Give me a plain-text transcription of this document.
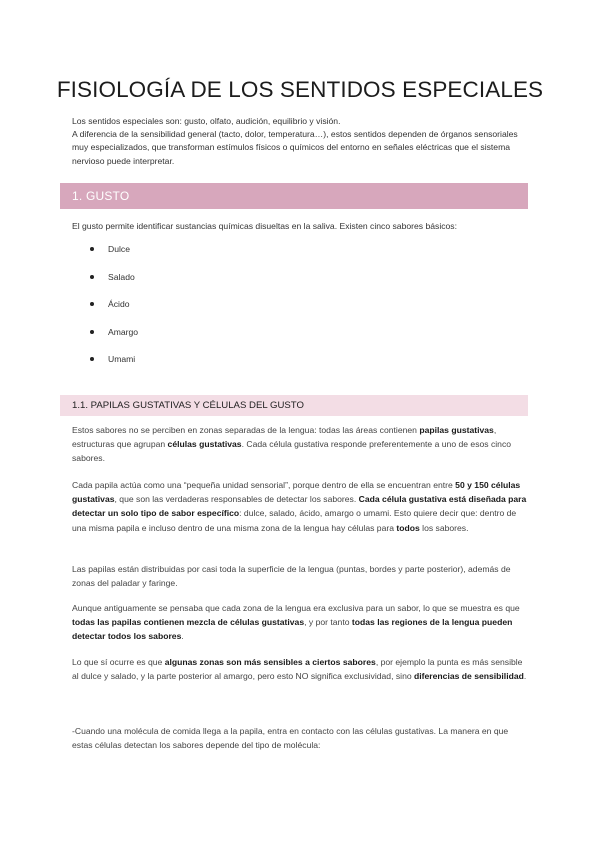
FISIOLOGÍA DE LOS SENTIDOS ESPECIALES

Los sentidos especiales son: gusto, olfato, audición, equilibrio y visión.

A diferencia de la sensibilidad general (tacto, dolor, temperatura…), estos sentidos dependen de órganos sensoriales muy especializados, que transforman estímulos físicos o químicos del entorno en señales eléctricas que el sistema nervioso puede interpretar.

1. GUSTO

El gusto permite identificar sustancias químicas disueltas en la saliva. Existen cinco sabores básicos:

Dulce
Salado
Ácido
Amargo
Umami
1.1. PAPILAS GUSTATIVAS Y CÉLULAS DEL GUSTO

Estos sabores no se perciben en zonas separadas de la lengua: todas las áreas contienen papilas gustativas, estructuras que agrupan células gustativas. Cada célula gustativa responde preferentemente a uno de esos cinco sabores.

Cada papila actúa como una “pequeña unidad sensorial”, porque dentro de ella se encuentran entre 50 y 150 células gustativas, que son las verdaderas responsables de detectar los sabores. Cada célula gustativa está diseñada para detectar un solo tipo de sabor específico: dulce, salado, ácido, amargo o umami. Esto quiere decir que: dentro de una misma papila e incluso dentro de una misma zona de la lengua hay células para todos los sabores.

Las papilas están distribuidas por casi toda la superficie de la lengua (puntas, bordes y parte posterior), además de zonas del paladar y faringe.

Aunque antiguamente se pensaba que cada zona de la lengua era exclusiva para un sabor, lo que se muestra es que todas las papilas contienen mezcla de células gustativas, y por tanto todas las regiones de la lengua pueden detectar todos los sabores.

Lo que sí ocurre es que algunas zonas son más sensibles a ciertos sabores, por ejemplo la punta es más sensible al dulce y salado, y la parte posterior al amargo, pero esto NO significa exclusividad, sino diferencias de sensibilidad.

-Cuando una molécula de comida llega a la papila, entra en contacto con las células gustativas. La manera en que estas células detectan los sabores depende del tipo de molécula:
